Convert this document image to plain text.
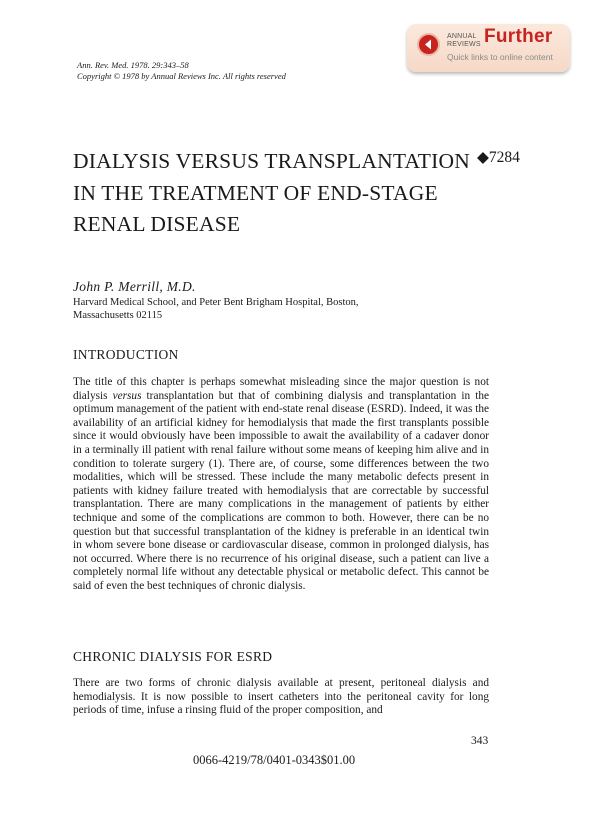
ANNUAL
REVIEWS Further
Quick links to online content
Ann. Rev. Med. 1978. 29:343–58
Copyright © 1978 by Annual Reviews Inc. All rights reserved
DIALYSIS VERSUS TRANSPLANTATION IN THE TREATMENT OF END-STAGE RENAL DISEASE
◆7284
John P. Merrill, M.D.
Harvard Medical School, and Peter Bent Brigham Hospital, Boston,
Massachusetts 02115
INTRODUCTION
The title of this chapter is perhaps somewhat misleading since the major question is not dialysis versus transplantation but that of combining dialysis and transplantation in the optimum management of the patient with end-state renal disease (ESRD). Indeed, it was the availability of an artificial kidney for hemodialysis that made the first transplants possible since it would obviously have been impossible to await the availability of a cadaver donor in a terminally ill patient with renal failure without some means of keeping him alive and in condition to tolerate surgery (1). There are, of course, some differences between the two modalities, which will be stressed. These include the many metabolic defects present in patients with kidney failure treated with hemodialysis that are correctable by successful transplantation. There are many complications in the management of patients by either technique and some of the complications are common to both. However, there can be no question but that successful transplantation of the kidney is preferable in an identical twin in whom severe bone disease or cardiovascular disease, common in prolonged dialysis, has not occurred. Where there is no recurrence of his original disease, such a patient can live a completely normal life without any detectable physical or metabolic defect. This cannot be said of even the best techniques of chronic dialysis.
CHRONIC DIALYSIS FOR ESRD
There are two forms of chronic dialysis available at present, peritoneal dialysis and hemodialysis. It is now possible to insert catheters into the peritoneal cavity for long periods of time, infuse a rinsing fluid of the proper composition, and
343
0066-4219/78/0401-0343$01.00
